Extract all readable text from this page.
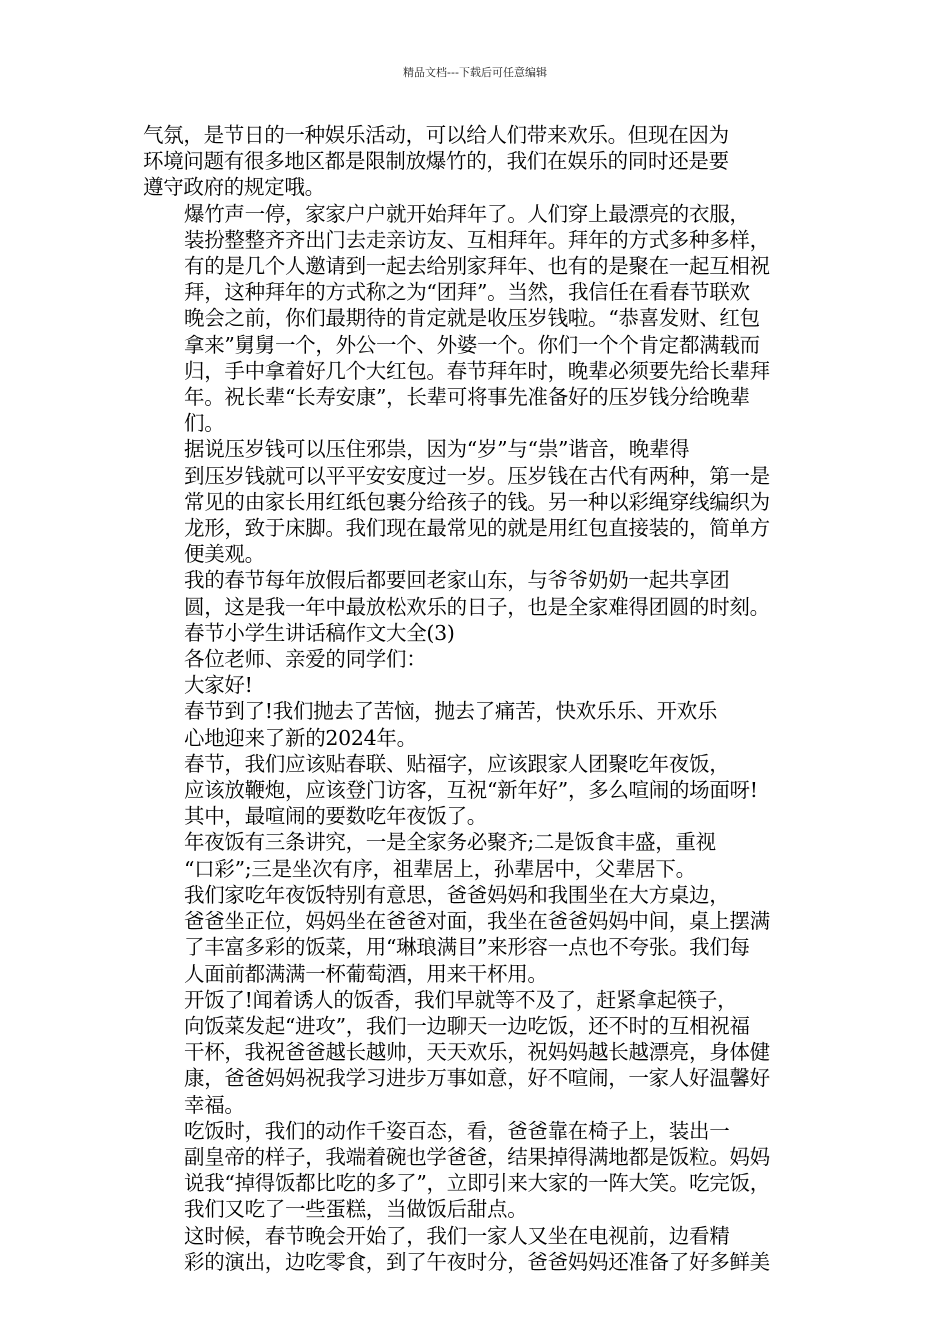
精品文档---下载后可任意编辑

气氛，是节日的一种娱乐活动，可以给人们带来欢乐。但现在因为
环境问题有很多地区都是限制放爆竹的，我们在娱乐的同时还是要
遵守政府的规定哦。

爆竹声一停，家家户户就开始拜年了。人们穿上最漂亮的衣服，
装扮整整齐齐出门去走亲访友、互相拜年。拜年的方式多种多样，
有的是几个人邀请到一起去给别家拜年、也有的是聚在一起互相祝
拜，这种拜年的方式称之为“团拜”。当然，我信任在看春节联欢
晚会之前，你们最期待的肯定就是收压岁钱啦。“恭喜发财、红包
拿来”舅舅一个，外公一个、外婆一个。你们一个个肯定都满载而
归，手中拿着好几个大红包。春节拜年时，晚辈必须要先给长辈拜
年。祝长辈“长寿安康”，长辈可将事先准备好的压岁钱分给晚辈
们。

据说压岁钱可以压住邪祟，因为“岁”与“祟”谐音，晚辈得
到压岁钱就可以平平安安度过一岁。压岁钱在古代有两种，第一是
常见的由家长用红纸包裹分给孩子的钱。另一种以彩绳穿线编织为
龙形，致于床脚。我们现在最常见的就是用红包直接装的，简单方
便美观。

我的春节每年放假后都要回老家山东，与爷爷奶奶一起共享团
圆，这是我一年中最放松欢乐的日子，也是全家难得团圆的时刻。

春节小学生讲话稿作文大全(3)

各位老师、亲爱的同学们：

大家好!

春节到了!我们抛去了苦恼，抛去了痛苦，快欢乐乐、开欢乐
心地迎来了新的2024年。

春节，我们应该贴春联、贴福字，应该跟家人团聚吃年夜饭，
应该放鞭炮，应该登门访客，互祝“新年好”，多么喧闹的场面呀!
其中，最喧闹的要数吃年夜饭了。

年夜饭有三条讲究，一是全家务必聚齐;二是饭食丰盛，重视
“口彩”;三是坐次有序，祖辈居上，孙辈居中，父辈居下。

我们家吃年夜饭特别有意思，爸爸妈妈和我围坐在大方桌边，
爸爸坐正位，妈妈坐在爸爸对面，我坐在爸爸妈妈中间，桌上摆满
了丰富多彩的饭菜，用“琳琅满目”来形容一点也不夸张。我们每
人面前都满满一杯葡萄酒，用来干杯用。

开饭了!闻着诱人的饭香，我们早就等不及了，赶紧拿起筷子，
向饭菜发起“进攻”，我们一边聊天一边吃饭，还不时的互相祝福
干杯，我祝爸爸越长越帅，天天欢乐，祝妈妈越长越漂亮，身体健
康，爸爸妈妈祝我学习进步万事如意，好不喧闹，一家人好温馨好
幸福。

吃饭时，我们的动作千姿百态，看，爸爸靠在椅子上，装出一
副皇帝的样子，我端着碗也学爸爸，结果掉得满地都是饭粒。妈妈
说我“掉得饭都比吃的多了”，立即引来大家的一阵大笑。吃完饭，
我们又吃了一些蛋糕，当做饭后甜点。

这时候，春节晚会开始了，我们一家人又坐在电视前，边看精
彩的演出，边吃零食，到了午夜时分，爸爸妈妈还准备了好多鲜美
